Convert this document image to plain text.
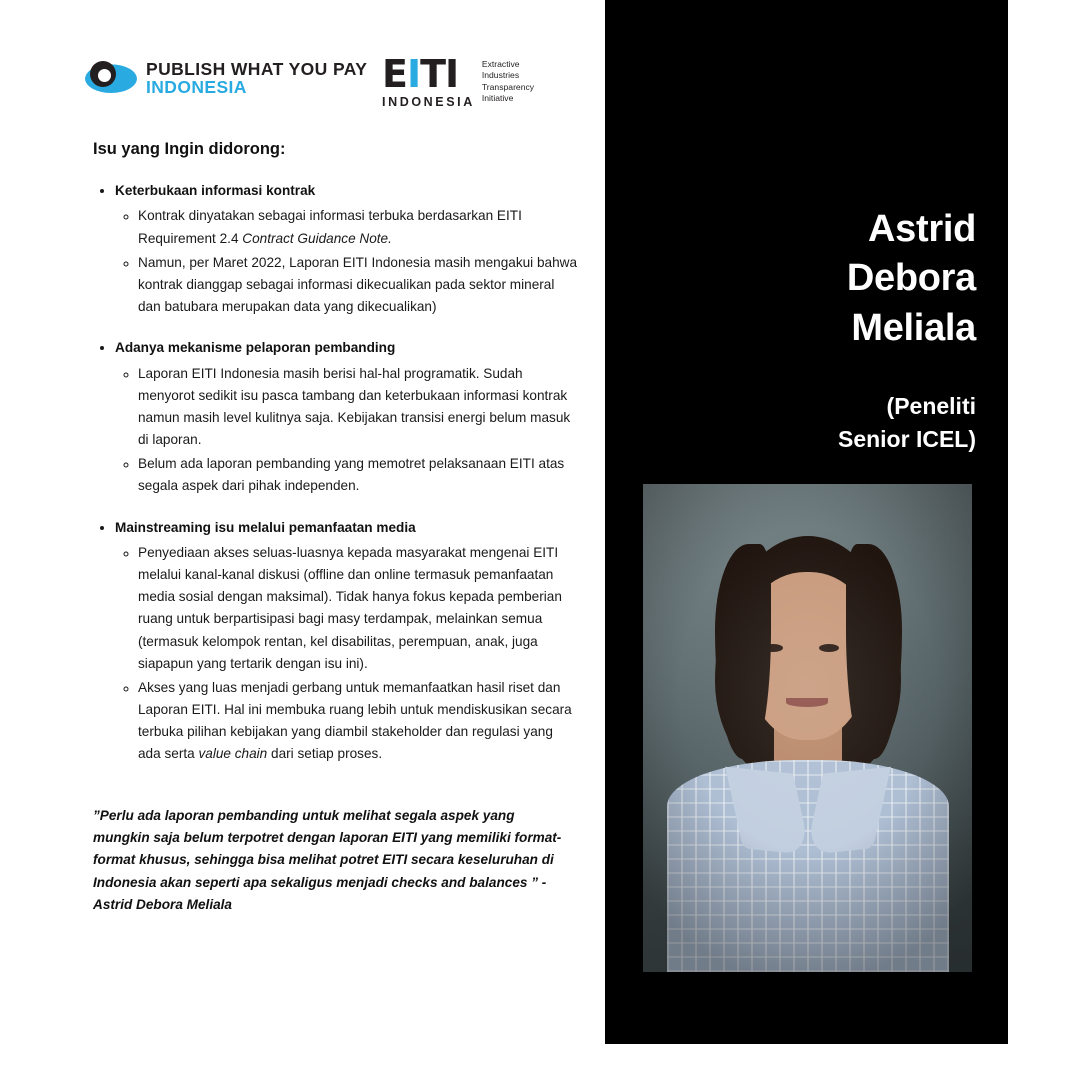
PUBLISH WHAT YOU PAY
INDONESIA	EITI
INDONESIA
Extractive
Industries
Transparency
Initiative
Isu yang Ingin didorong:
• Keterbukaan informasi kontrak
◦ Kontrak dinyatakan sebagai informasi terbuka berdasarkan EITI Requirement 2.4 Contract Guidance Note.
◦ Namun, per Maret 2022, Laporan EITI Indonesia masih mengakui bahwa kontrak dianggap sebagai informasi dikecualikan pada sektor mineral dan batubara merupakan data yang dikecualikan)
• Adanya mekanisme pelaporan pembanding
◦ Laporan EITI Indonesia masih berisi hal-hal programatik. Sudah menyorot sedikit isu pasca tambang dan keterbukaan informasi kontrak namun masih level kulitnya saja. Kebijakan transisi energi belum masuk di laporan.
◦ Belum ada laporan pembanding yang memotret pelaksanaan EITI atas segala aspek dari pihak independen.
• Mainstreaming isu melalui pemanfaatan media
◦ Penyediaan akses seluas-luasnya kepada masyarakat mengenai EITI melalui kanal-kanal diskusi (offline dan online termasuk pemanfaatan media sosial dengan maksimal). Tidak hanya fokus kepada pemberian ruang untuk berpartisipasi bagi masy terdampak, melainkan semua (termasuk kelompok rentan, kel disabilitas, perempuan, anak, juga siapapun yang tertarik dengan isu ini).
◦ Akses yang luas menjadi gerbang untuk memanfaatkan hasil riset dan Laporan EITI. Hal ini membuka ruang lebih untuk mendiskusikan secara terbuka pilihan kebijakan yang diambil stakeholder dan regulasi yang ada serta value chain dari setiap proses.
”Perlu ada laporan pembanding untuk melihat segala aspek yang mungkin saja belum terpotret dengan laporan EITI yang memiliki format-format khusus, sehingga bisa melihat potret EITI secara keseluruhan di Indonesia akan seperti apa sekaligus menjadi checks and balances ” - Astrid Debora Meliala
Astrid
Debora
Meliala
(Peneliti
Senior ICEL)
